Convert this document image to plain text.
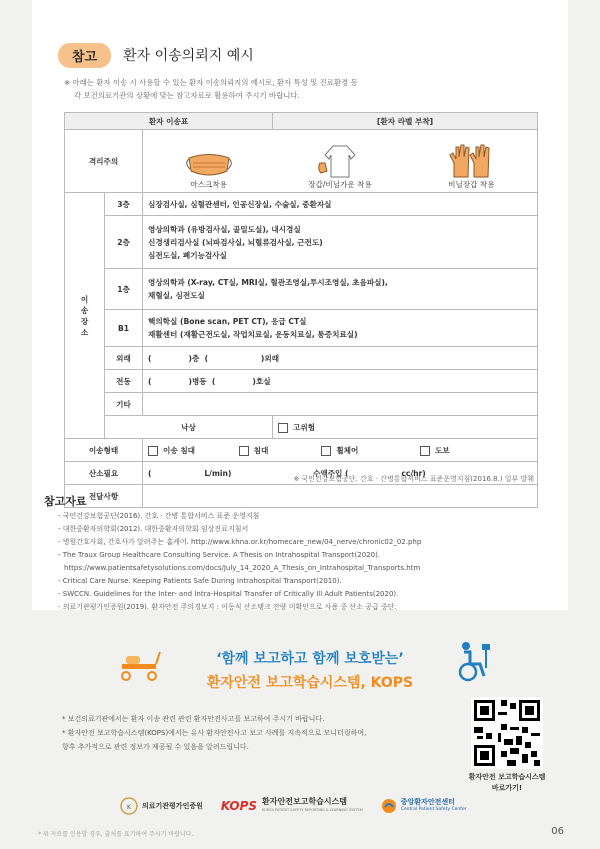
참고	환자 이송의뢰지 예시
※ 아래는 환자 이송 시 사용할 수 있는 환자 이송의뢰지의 예시로, 환자 특성 및 진료환경 등
각 보건의료기관의 상황에 맞는 참고자료로 활용하여 주시기 바랍니다.
환자 이송표			[환자 라벨 부착]
격리주의		마스크착용 장갑/비닐가운 착용 비닐장갑 착용	

이송장소	3층	심장검사실, 심혈관센터, 인공신장실, 수술실, 중환자실	
	2층	영상의학과 (유방검사실, 골밀도실), 내시경실
신경생리검사실 (뇌파검사실, 뇌혈류검사실, 근전도)
심전도실, 폐기능검사실	

	1층	영상의학과 (X-ray, CT실, MRI실, 혈관조영실,투시조영실, 초음파실),
채혈실, 심전도실	

	B1	핵의학실 (Bone scan, PET CT), 응급 CT실
재활센터 (재활근전도실, 작업치료실, 운동치료실, 통증치료실)	

	외래	(              )층  (                    )외래	
	전동	(              )병동  (              )호실	
	기타		
	낙상		고위험
이송형태		이송 침대 침대 휠체어 도보	
산소필요		(                    L/min) 수액주입 (                    cc/hr)	
전달사항			
※ 국민건강보험공단. 간호 · 간병통합서비스 표준운영지침(2016.8.) 일부 발췌
참고자료
- 국민건강보험공단(2016). 간호 · 간병 통합서비스 표준 운영지침
- 대한중환자의학회(2012). 대한중환자의학회 임상진료지침서
- 병원간호사회, 간호사가 알려주는 홈케어. http://www.khna.or.kr/homecare_new/04_nerve/chronic02_02.php
- The Traux Group Healthcare Consulting Service. A Thesis on Intrahospital Transport(2020).
https://www.patientsafetysolutions.com/docs/July_14_2020_A_Thesis_on_Intrahospital_Transports.htm
- Critical Care Nurse. Keeping Patients Safe During Intrahospital Transport(2010).
- SWCCN. Guidelines for the Inter- and Intra-Hospital Transfer of Critically Ill Adult Patients(2020).
- 의료기관평가인증원(2019). 환자안전 주의경보지 : 이동식 산소탱크 잔량 미확인으로 사용 중 산소 공급 중단.
‘함께 보고하고 함께 보호받는’
환자안전 보고학습시스템, KOPS
* 보건의료기관에서는 환자 이송 관련 관련 환자안전사고를 보고하여 주시기 바랍니다.
* 환자안전 보고학습시스템(KOPS)에서는 유사 환자안전사고 보고 사례를 지속적으로 모니터링하며,
향후 추가적으로 관련 정보가 제공될 수 있음을 알려드립니다.
환자안전 보고학습시스템
바로가기!
K 의료기관평가인증원 KOPS 환자안전보고학습시스템
KOREA PATIENT SAFETY REPORTING & LEARNING SYSTEM
중앙환자안전센터
Central Patient Safety Center
* 위 자료를 인용할 경우, 출처를 표기하여 주시기 바랍니다.	06
